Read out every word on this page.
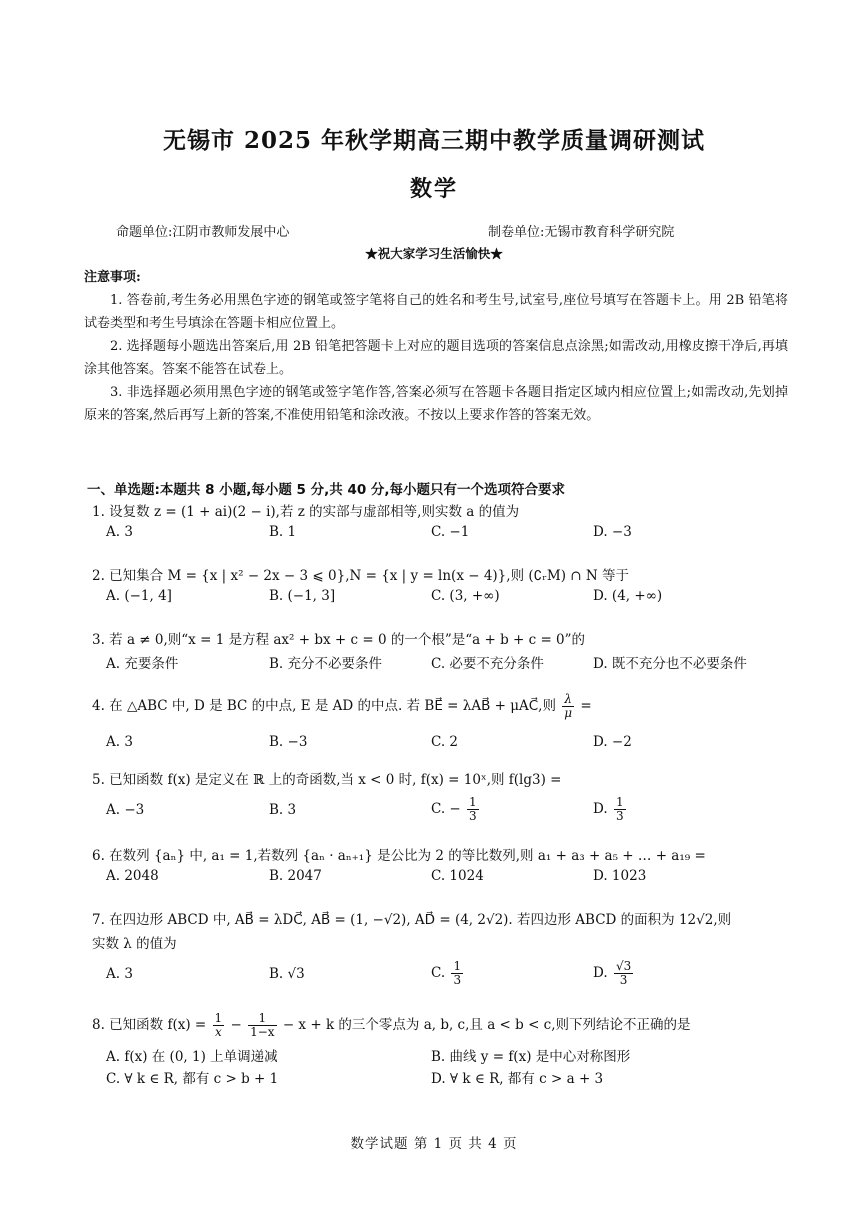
无锡市 2025 年秋学期高三期中教学质量调研测试
数学
命题单位:江阴市教师发展中心	制卷单位:无锡市教育科学研究院
★祝大家学习生活愉快★
注意事项:

1. 答卷前,考生务必用黑色字迹的钢笔或签字笔将自己的姓名和考生号,试室号,座位号填写在答题卡上。用 2B 铅笔将试卷类型和考生号填涂在答题卡相应位置上。

2. 选择题每小题选出答案后,用 2B 铅笔把答题卡上对应的题目选项的答案信息点涂黑;如需改动,用橡皮擦干净后,再填涂其他答案。答案不能答在试卷上。

3. 非选择题必须用黑色字迹的钢笔或签字笔作答,答案必须写在答题卡各题目指定区域内相应位置上;如需改动,先划掉原来的答案,然后再写上新的答案,不准使用铅笔和涂改液。不按以上要求作答的答案无效。

一、单选题:本题共 8 小题,每小题 5 分,共 40 分,每小题只有一个选项符合要求
1. 设复数 z = (1 + ai)(2 − i),若 z 的实部与虚部相等,则实数 a 的值为
A. 3	B. 1	C. −1	D. −3
2. 已知集合 M = {x | x² − 2x − 3 ⩽ 0},N = {x | y = ln(x − 4)},则 (∁ᵣM) ∩ N 等于
A. (−1, 4]	B. (−1, 3]	C. (3, +∞)	D. (4, +∞)
3. 若 a ≠ 0,则“x = 1 是方程 ax² + bx + c = 0 的一个根”是“a + b + c = 0”的
A. 充要条件	B. 充分不必要条件	C. 必要不充分条件	D. 既不充分也不必要条件
4. 在 △ABC 中, D 是 BC 的中点, E 是 AD 的中点. 若 BE⃗ = λAB⃗ + μAC⃗,则 $\frac{\lambda}{\mu}$ =
A. 3	B. −3	C. 2	D. −2
5. 已知函数 f(x) 是定义在 ℝ 上的奇函数,当 x < 0 时, f(x) = 10ˣ,则 f(lg3) =
A. −3	B. 3	C. − $\frac{1}{3}$	D. $\frac{1}{3}$
6. 在数列 {aₙ} 中, a₁ = 1,若数列 {aₙ · aₙ₊₁} 是公比为 2 的等比数列,则 a₁ + a₃ + a₅ + … + a₁₉ =
A. 2048	B. 2047	C. 1024	D. 1023
7. 在四边形 ABCD 中, AB⃗ = λDC⃗, AB⃗ = (1, −√2), AD⃗ = (4, 2√2). 若四边形 ABCD 的面积为 12√2,则
实数 λ 的值为
A. 3	B. √3	C. $\frac{1}{3}$	D. $\frac{√3}{3}$
8. 已知函数 $f(x) = \frac{1}{x} - \frac{1}{1-x} - x + k$ 的三个零点为 a, b, c,且 a < b < c,则下列结论不正确的是
A. f(x) 在 (0, 1) 上单调递减	B. 曲线 y = f(x) 是中心对称图形
C. ∀ k ∈ R, 都有 c > b + 1	D. ∀ k ∈ R, 都有 c > a + 3
数学试题 第 1 页 共 4 页
